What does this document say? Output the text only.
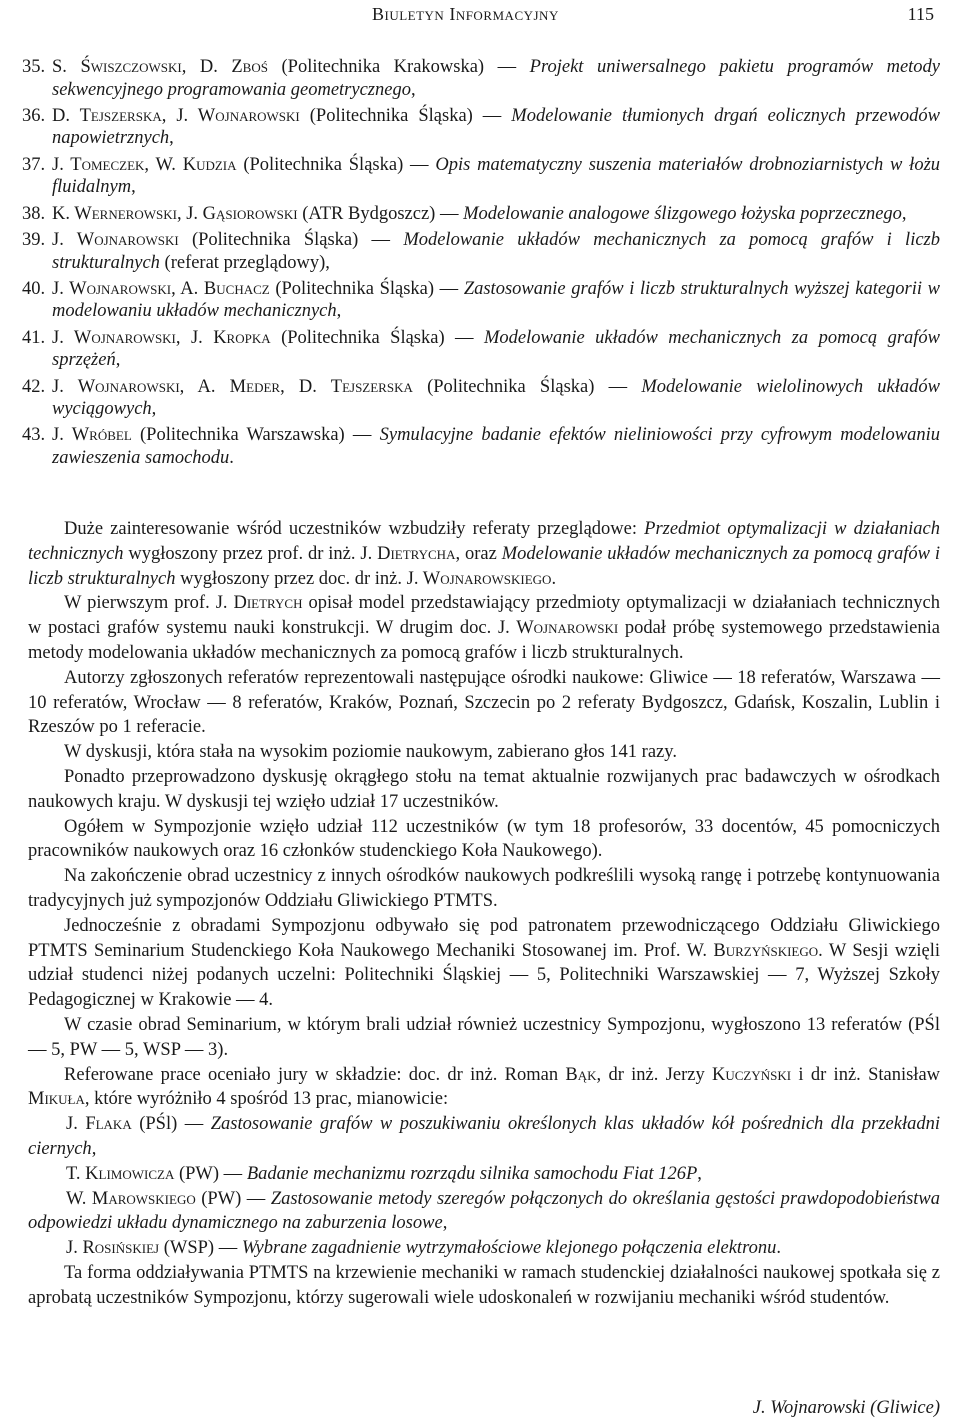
Biuletyn Informacyjny	115

35. S. Świszczowski, D. Zboś (Politechnika Krakowska) — Projekt uniwersalnego pakietu programów metody sekwencyjnego programowania geometrycznego,

36. D. Tejszerska, J. Wojnarowski (Politechnika Śląska) — Modelowanie tłumionych drgań eolicznych przewodów napowietrznych,

37. J. Tomeczek, W. Kudzia (Politechnika Śląska) — Opis matematyczny suszenia materiałów drobnoziarnistych w łożu fluidalnym,

38. K. Wernerowski, J. Gąsiorowski (ATR Bydgoszcz) — Modelowanie analogowe ślizgowego łożyska poprzecznego,

39. J. Wojnarowski (Politechnika Śląska) — Modelowanie układów mechanicznych za pomocą grafów i liczb strukturalnych (referat przeglądowy),

40. J. Wojnarowski, A. Buchacz (Politechnika Śląska) — Zastosowanie grafów i liczb strukturalnych wyższej kategorii w modelowaniu układów mechanicznych,

41. J. Wojnarowski, J. Kropka (Politechnika Śląska) — Modelowanie układów mechanicznych za pomocą grafów sprzężeń,

42. J. Wojnarowski, A. Meder, D. Tejszerska (Politechnika Śląska) — Modelowanie wielolinowych układów wyciągowych,

43. J. Wróbel (Politechnika Warszawska) — Symulacyjne badanie efektów nieliniowości przy cyfrowym modelowaniu zawieszenia samochodu.

Duże zainteresowanie wśród uczestników wzbudziły referaty przeglądowe: Przedmiot optymalizacji w działaniach technicznych wygłoszony przez prof. dr inż. J. Dietrycha, oraz Modelowanie układów mechanicznych za pomocą grafów i liczb strukturalnych wygłoszony przez doc. dr inż. J. Wojnarowskiego.

W pierwszym prof. J. Dietrych opisał model przedstawiający przedmioty optymalizacji w działaniach technicznych w postaci grafów systemu nauki konstrukcji. W drugim doc. J. Wojnarowski podał próbę systemowego przedstawienia metody modelowania układów mechanicznych za pomocą grafów i liczb strukturalnych.

Autorzy zgłoszonych referatów reprezentowali następujące ośrodki naukowe: Gliwice — 18 referatów, Warszawa — 10 referatów, Wrocław — 8 referatów, Kraków, Poznań, Szczecin po 2 referaty Bydgoszcz, Gdańsk, Koszalin, Lublin i Rzeszów po 1 referacie.

W dyskusji, która stała na wysokim poziomie naukowym, zabierano głos 141 razy.

Ponadto przeprowadzono dyskusję okrągłego stołu na temat aktualnie rozwijanych prac badawczych w ośrodkach naukowych kraju. W dyskusji tej wzięło udział 17 uczestników.

Ogółem w Sympozjonie wzięło udział 112 uczestników (w tym 18 profesorów, 33 docentów, 45 pomocniczych pracowników naukowych oraz 16 członków studenckiego Koła Naukowego).

Na zakończenie obrad uczestnicy z innych ośrodków naukowych podkreślili wysoką rangę i potrzebę kontynuowania tradycyjnych już sympozjonów Oddziału Gliwickiego PTMTS.

Jednocześnie z obradami Sympozjonu odbywało się pod patronatem przewodniczącego Oddziału Gliwickiego PTMTS Seminarium Studenckiego Koła Naukowego Mechaniki Stosowanej im. Prof. W. Burzyńskiego. W Sesji wzięli udział studenci niżej podanych uczelni: Politechniki Śląskiej — 5, Politechniki Warszawskiej — 7, Wyższej Szkoły Pedagogicznej w Krakowie — 4.

W czasie obrad Seminarium, w którym brali udział również uczestnicy Sympozjonu, wygłoszono 13 referatów (PŚl — 5, PW — 5, WSP — 3).

Referowane prace oceniało jury w składzie: doc. dr inż. Roman Bąk, dr inż. Jerzy Kuczyński i dr inż. Stanisław Mikuła, które wyróżniło 4 spośród 13 prac, mianowicie:

J. Flaka (PŚl) — Zastosowanie grafów w poszukiwaniu określonych klas układów kół pośrednich dla przekładni ciernych,

T. Klimowicza (PW) — Badanie mechanizmu rozrządu silnika samochodu Fiat 126P,

W. Marowskiego (PW) — Zastosowanie metody szeregów połączonych do określania gęstości prawdopodobieństwa odpowiedzi układu dynamicznego na zaburzenia losowe,

J. Rosińskiej (WSP) — Wybrane zagadnienie wytrzymałościowe klejonego połączenia elektronu.

Ta forma oddziaływania PTMTS na krzewienie mechaniki w ramach studenckiej działalności naukowej spotkała się z aprobatą uczestników Sympozjonu, którzy sugerowali wiele udoskonaleń w rozwijaniu mechaniki wśród studentów.

J. Wojnarowski (Gliwice)
